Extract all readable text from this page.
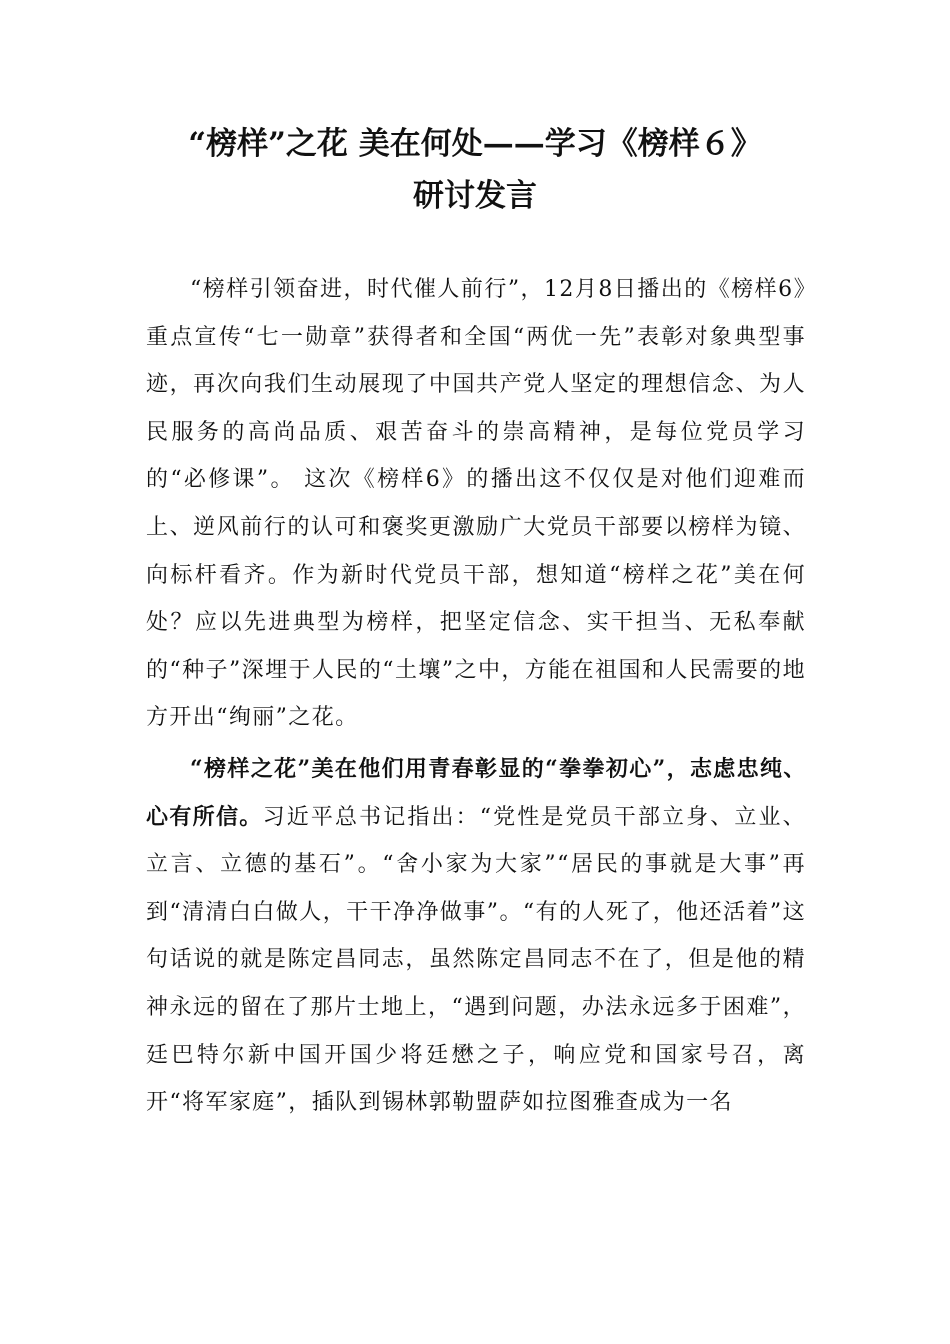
“榜样”之花 美在何处——学习《榜样６》
研讨发言

“榜样引领奋进，时代催人前行”，12月8日播出的《榜样6》重点宣传“七一勋章”获得者和全国“两优一先”表彰对象典型事迹，再次向我们生动展现了中国共产党人坚定的理想信念、为人民服务的高尚品质、艰苦奋斗的崇高精神，是每位党员学习的“必修课”。 这次《榜样6》的播出这不仅仅是对他们迎难而上、逆风前行的认可和褒奖更激励广大党员干部要以榜样为镜、向标杆看齐。作为新时代党员干部，想知道“榜样之花”美在何处？应以先进典型为榜样，把坚定信念、实干担当、无私奉献的“种子”深埋于人民的“土壤”之中，方能在祖国和人民需要的地方开出“绚丽”之花。

“榜样之花”美在他们用青春彰显的“拳拳初心”，志虑忠纯、心有所信。习近平总书记指出：“党性是党员干部立身、立业、立言、立德的基石”。“舍小家为大家”“居民的事就是大事”再到“清清白白做人，干干净净做事”。“有的人死了，他还活着”这句话说的就是陈定昌同志，虽然陈定昌同志不在了，但是他的精神永远的留在了那片士地上，“遇到问题，办法永远多于困难”，廷巴特尔新中国开国少将廷懋之子，响应党和国家号召，离开“将军家庭”，插队到锡林郭勒盟萨如拉图雅查成为一名
